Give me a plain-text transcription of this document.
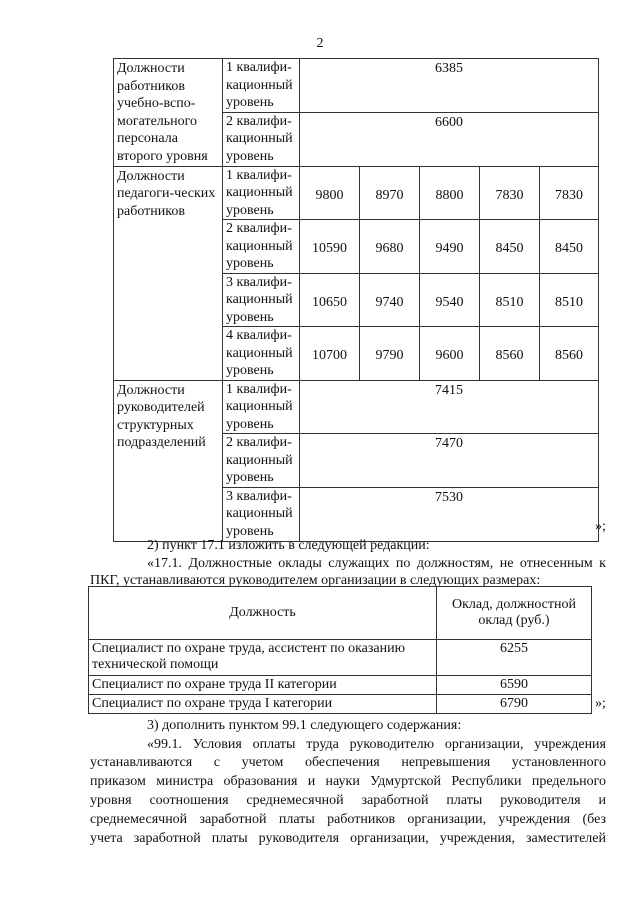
2
Должности работников учебно-вспо-могательного персонала второго уровня	1 квалифи-кационный уровень	6385				
	2 квалифи-кационный уровень	6600				
Должности педагоги-ческих работников	1 квалифи-кационный уровень	9800	8970	8800	7830	7830
	2 квалифи-кационный уровень	10590	9680	9490	8450	8450
	3 квалифи-кационный уровень	10650	9740	9540	8510	8510
	4 квалифи-кационный уровень	10700	9790	9600	8560	8560
Должности руководителей структурных подразделений	1 квалифи-кационный уровень	7415				
	2 квалифи-кационный уровень	7470				
	3 квалифи-кационный уровень	7530				
»;
2) пункт 17.1 изложить в следующей редакции:
«17.1. Должностные оклады служащих по должностям, не отнесенным к
ПКГ, устанавливаются руководителем организации в следующих размерах:
Должность	Оклад, должностной оклад (руб.)
Специалист по охране труда, ассистент по оказанию технической помощи	6255
Специалист по охране труда II категории	6590
Специалист по охране труда I категории	6790	»;
3) дополнить пунктом 99.1 следующего содержания:
«99.1. Условия оплаты труда руководителю организации, учреждения
устанавливаются с учетом обеспечения непревышения установленного
приказом министра образования и науки Удмуртской Республики предельного
уровня соотношения среднемесячной заработной платы руководителя и
среднемесячной заработной платы работников организации, учреждения (без
учета заработной платы руководителя организации, учреждения, заместителей
